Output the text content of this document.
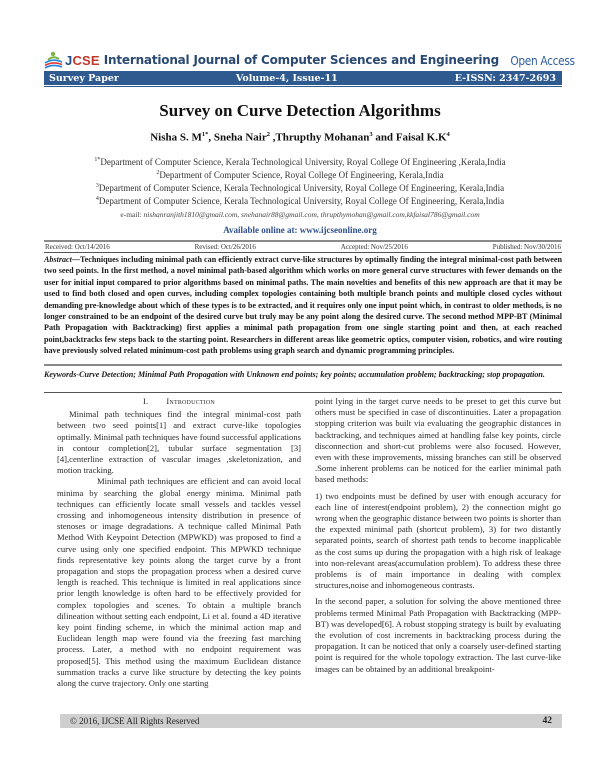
JCSE International Journal of Computer Sciences and Engineering Open Access
Survey Paper	Volume-4, Issue-11	E-ISSN: 2347-2693
Survey on Curve Detection Algorithms
Nisha S. $M^{1*}$, Sneha Nair$^2$ ,Thrupthy Mohanan$^3$ and Faisal $K.K^4$
$^{1*}$Department of Computer Science, Kerala Technological University, Royal College Of Engineering ,Kerala,India
$^2$Department of Computer Science, Royal College Of Engineering, Kerala,India
$^3$Department of Computer Science, Kerala Technological University, Royal College Of Engineering, Kerala,India
$^4$Department of Computer Science, Kerala Technological University, Royal College Of Engineering, Kerala,India
e-mail: nishanranjith1810@gmail.com, snehanair88@gmail.com, thrupthymohan@gmail.com,kkfaisal786@gmail.com
Available online at: www.ijcseonline.org
Received: Oct/14/2016	Revised: Oct/26/2016	Accepted: Nov/25/2016	Published: Nov/30/2016
Abstract—Techniques including minimal path can efficiently extract curve-like structures by optimally finding the integral minimal-cost path between two seed points. In the first method, a novel minimal path-based algorithm which works on more general curve structures with fewer demands on the user for initial input compared to prior algorithms based on minimal paths. The main novelties and benefits of this new approach are that it may be used to find both closed and open curves, including complex topologies containing both multiple branch points and multiple closed cycles without demanding pre-knowledge about which of these types is to be extracted, and it requires only one input point which, in contrast to older methods, is no longer constrained to be an endpoint of the desired curve but truly may be any point along the desired curve. The second method MPP-BT (Minimal Path Propagation with Backtracking) first applies a minimal path propagation from one single starting point and then, at each reached point,backtracks few steps back to the starting point. Researchers in different areas like geometric optics, computer vision, robotics, and wire routing have previously solved related minimum-cost path problems using graph search and dynamic programming principles.
Keywords-Curve Detection; Minimal Path Propagation with Unknown end points; key points; accumulation problem; backtracking; stop propagation.
I. Introduction

Minimal path techniques find the integral minimal-cost path between two seed points[1] and extract curve-like topologies optimally. Minimal path techniques have found successful applications in contour completion[2], tubular surface segmentation [3][4],centerline extraction of vascular images ,skeletonization, and motion tracking.

Minimal path techniques are efficient and can avoid local minima by searching the global energy minima. Minimal path techniques can efficiently locate small vessels and tackles vessel crossing and inhomogeneous intensity distribution in presence of stenoses or image degradations. A technique called Minimal Path Method With Keypoint Detection (MPWKD) was proposed to find a curve using only one specified endpoint. This MPWKD technique finds representative key points along the target curve by a front propagation and stops the propagation process when a desired curve length is reached. This technique is limited in real applications since prior length knowledge is often hard to be effectively provided for complex topologies and scenes. To obtain a multiple branch dilineation without setting each endpoint, Li et al. found a 4D iterative key point finding scheme, in which the minimal action map and Euclidean length map were found via the freezing fast marching process. Later, a method with no endpoint requirement was proposed[5]. This method using the maximum Euclidean distance summation tracks a curve like structure by detecting the key points along the curve trajectory. Only one starting

point lying in the target curve needs to be preset to get this curve but others must be specified in case of discontinuities. Later a propagation stopping criterion was built via evaluating the geographic distances in backtracking, and techniques aimed at handling false key points, circle disconnection and short-cut problems were also focused. However, even with these improvements, missing branches can still be observed .Some inherent problems can be noticed for the earlier minimal path based methods:

1) two endpoints must be defined by user with enough accuracy for each line of interest(endpoint problem), 2) the connection might go wrong when the geographic distance between two points is shorter than the expexted minimal path (shortcut problem), 3) for two distantly separated points, search of shortest path tends to become inapplicable as the cost sums up during the propagation with a high risk of leakage into non-relevant areas(accumulation problem). To address these three problems is of main importance in dealing with complex structures,noise and inhomogeneous contrasts.

In the second paper, a solution for solving the above mentioned three problems termed Minimal Path Propagation with Backtracking (MPP-BT) was developed[6]. A robust stopping strategy is built by evaluating the evolution of cost increments in backtracking process during the propagation. It can be noticed that only a coarsely user-defined starting point is required for the whole topology extraction. The last curve-like images can be obtained by an additional breakpoint-

© 2016, IJCSE All Rights Reserved	42
